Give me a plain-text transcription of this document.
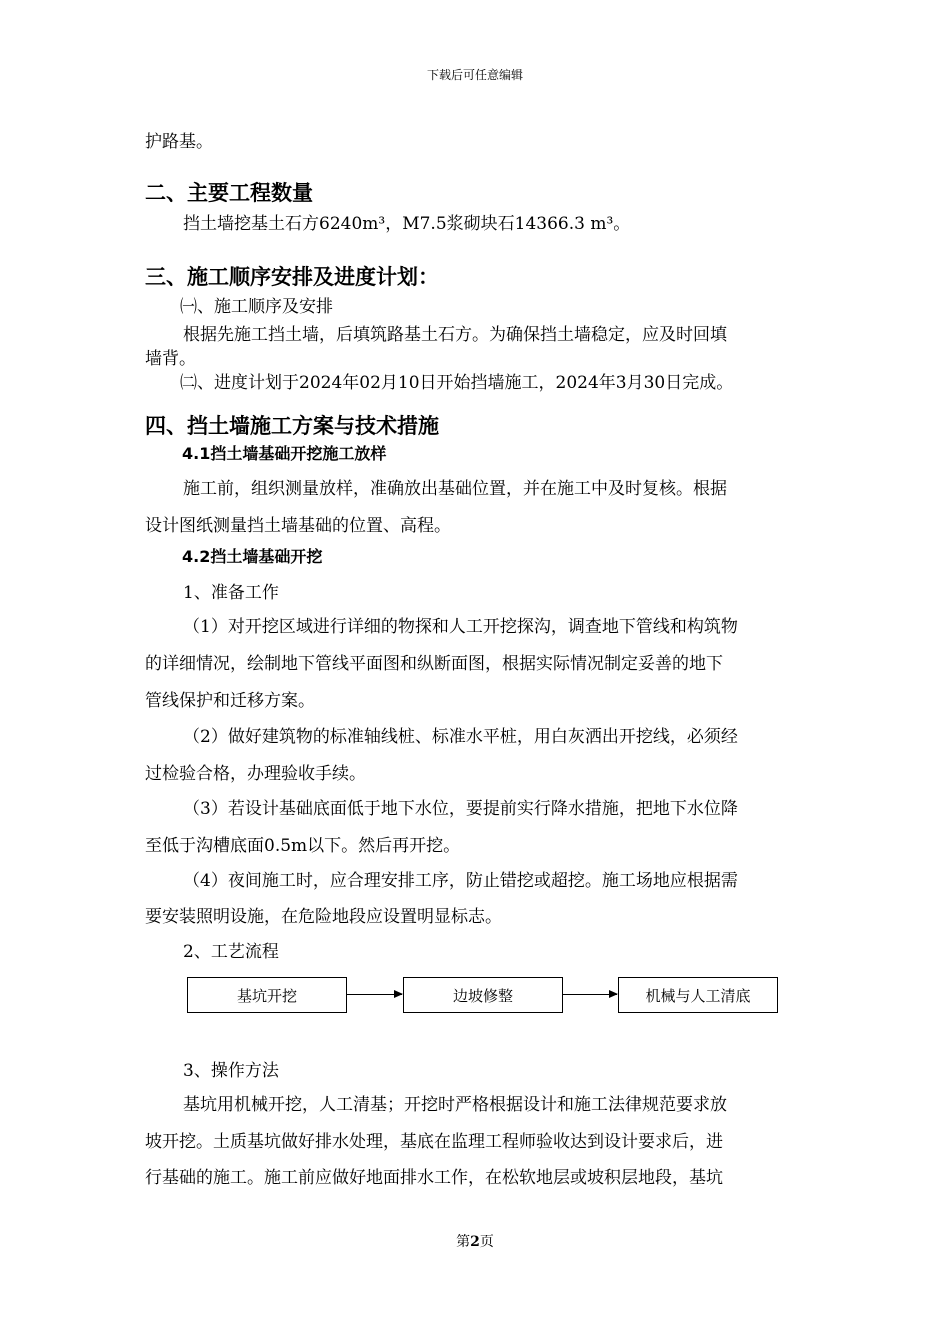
下载后可任意编辑
护路基。
二、主要工程数量
挡土墙挖基土石方6240m³，M7.5浆砌块石14366.3 m³。
三、施工顺序安排及进度计划：
㈠、施工顺序及安排
根据先施工挡土墙，后填筑路基土石方。为确保挡土墙稳定，应及时回填
墙背。
㈡、进度计划于2024年02月10日开始挡墙施工，2024年3月30日完成。
四、挡土墙施工方案与技术措施
4.1挡土墙基础开挖施工放样
施工前，组织测量放样，准确放出基础位置，并在施工中及时复核。根据
设计图纸测量挡土墙基础的位置、高程。
4.2挡土墙基础开挖
1、准备工作
（1）对开挖区域进行详细的物探和人工开挖探沟，调查地下管线和构筑物
的详细情况，绘制地下管线平面图和纵断面图，根据实际情况制定妥善的地下
管线保护和迁移方案。
（2）做好建筑物的标准轴线桩、标准水平桩，用白灰洒出开挖线，必须经
过检验合格，办理验收手续。
（3）若设计基础底面低于地下水位，要提前实行降水措施，把地下水位降
至低于沟槽底面0.5m以下。然后再开挖。
（4）夜间施工时，应合理安排工序，防止错挖或超挖。施工场地应根据需
要安装照明设施，在危险地段应设置明显标志。
2、工艺流程
基坑开挖	边坡修整	机械与人工清底
3、操作方法
基坑用机械开挖，人工清基；开挖时严格根据设计和施工法律规范要求放
坡开挖。土质基坑做好排水处理，基底在监理工程师验收达到设计要求后，进
行基础的施工。施工前应做好地面排水工作，在松软地层或坡积层地段，基坑
第2页
